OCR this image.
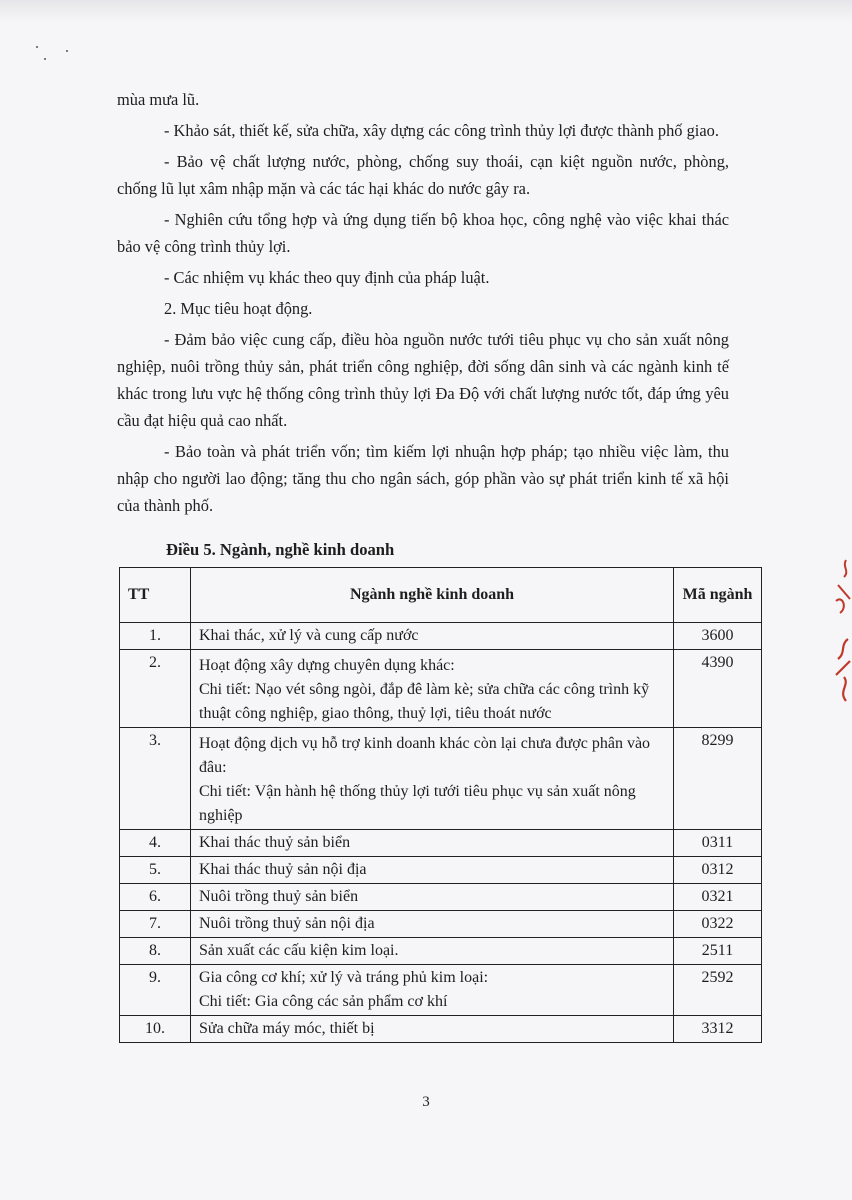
mùa mưa lũ.

- Khảo sát, thiết kế, sửa chữa, xây dựng các công trình thủy lợi được thành phố giao.

- Bảo vệ chất lượng nước, phòng, chống suy thoái, cạn kiệt nguồn nước, phòng, chống lũ lụt xâm nhập mặn và các tác hại khác do nước gây ra.

- Nghiên cứu tổng hợp và ứng dụng tiến bộ khoa học, công nghệ vào việc khai thác bảo vệ công trình thủy lợi.

- Các nhiệm vụ khác theo quy định của pháp luật.

2. Mục tiêu hoạt động.

- Đảm bảo việc cung cấp, điều hòa nguồn nước tưới tiêu phục vụ cho sản xuất nông nghiệp, nuôi trồng thủy sản, phát triển công nghiệp, đời sống dân sinh và các ngành kinh tế khác trong lưu vực hệ thống công trình thủy lợi Đa Độ với chất lượng nước tốt, đáp ứng yêu cầu đạt hiệu quả cao nhất.

- Bảo toàn và phát triển vốn; tìm kiếm lợi nhuận hợp pháp; tạo nhiều việc làm, thu nhập cho người lao động; tăng thu cho ngân sách, góp phần vào sự phát triển kinh tế xã hội của thành phố.

Điều 5. Ngành, nghề kinh doanh
TT	Ngành nghề kinh doanh	Mã ngành
1.	Khai thác, xử lý và cung cấp nước	3600
2.	Hoạt động xây dựng chuyên dụng khác:
Chi tiết: Nạo vét sông ngòi, đắp đê làm kè; sửa chữa các công trình kỹ thuật công nghiệp, giao thông, thuỷ lợi, tiêu thoát nước	4390
3.	Hoạt động dịch vụ hỗ trợ kinh doanh khác còn lại chưa được phân vào đâu:
Chi tiết: Vận hành hệ thống thủy lợi tưới tiêu phục vụ sản xuất nông nghiệp	8299
4.	Khai thác thuỷ sản biển	0311
5.	Khai thác thuỷ sản nội địa	0312
6.	Nuôi trồng thuỷ sản biển	0321
7.	Nuôi trồng thuỷ sản nội địa	0322
8.	Sản xuất các cấu kiện kim loại.	2511
9.	Gia công cơ khí; xử lý và tráng phủ kim loại:
Chi tiết: Gia công các sản phẩm cơ khí	2592
10.	Sửa chữa máy móc, thiết bị	3312
3
